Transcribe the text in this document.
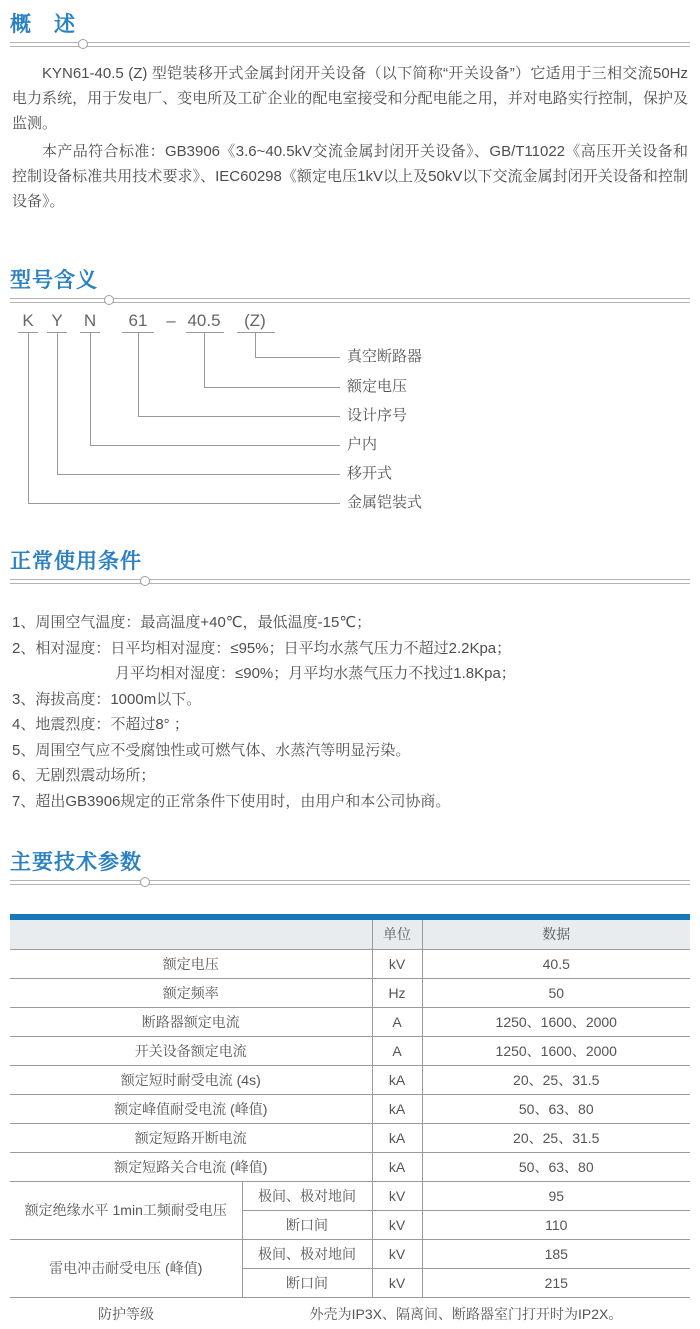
概　述

KYN61-40.5 (Z) 型铠装移开式金属封闭开关设备（以下简称“开关设备”）它适用于三相交流50Hz电力系统，用于发电厂、变电所及工矿企业的配电室接受和分配电能之用，并对电路实行控制，保护及监测。

本产品符合标准：GB3906《3.6~40.5kV交流金属封闭开关设备》、GB/T11022《高压开关设备和控制设备标准共用技术要求》、IEC60298《额定电压1kV以上及50kV以下交流金属封闭开关设备和控制设备》。

型号含义
K Y N 61 – 40.5 (Z)
真空断路器
额定电压
设计序号
户内
移开式
金属铠装式
正常使用条件
1、周围空气温度：最高温度+40℃，最低温度-15℃；
2、相对湿度：日平均相对湿度：≤95%；日平均水蒸气压力不超过2.2Kpa；
月平均相对湿度：≤90%；月平均水蒸气压力不找过1.8Kpa；
3、海拔高度：1000m以下。
4、地震烈度：不超过8° ；
5、周围空气应不受腐蚀性或可燃气体、水蒸汽等明显污染。
6、无剧烈震动场所；
7、超出GB3906规定的正常条件下使用时，由用户和本公司协商。
主要技术参数
		单位	数据
额定电压		kV	40.5
额定频率		Hz	50
断路器额定电流		A	1250、1600、2000
开关设备额定电流		A	1250、1600、2000
额定短时耐受电流 (4s)		kA	20、25、31.5
额定峰值耐受电流 (峰值)		kA	50、63、80
额定短路开断电流		kA	20、25、31.5
额定短路关合电流 (峰值)		kA	50、63、80
额定绝缘水平 1min工频耐受电压	极间、极对地间	kV	95
	断口间	kV	110
雷电冲击耐受电压 (峰值)	极间、极对地间	kV	185
	断口间	kV	215
防护等级	外壳为IP3X、隔离间、断路器室门打开时为IP2X。		
